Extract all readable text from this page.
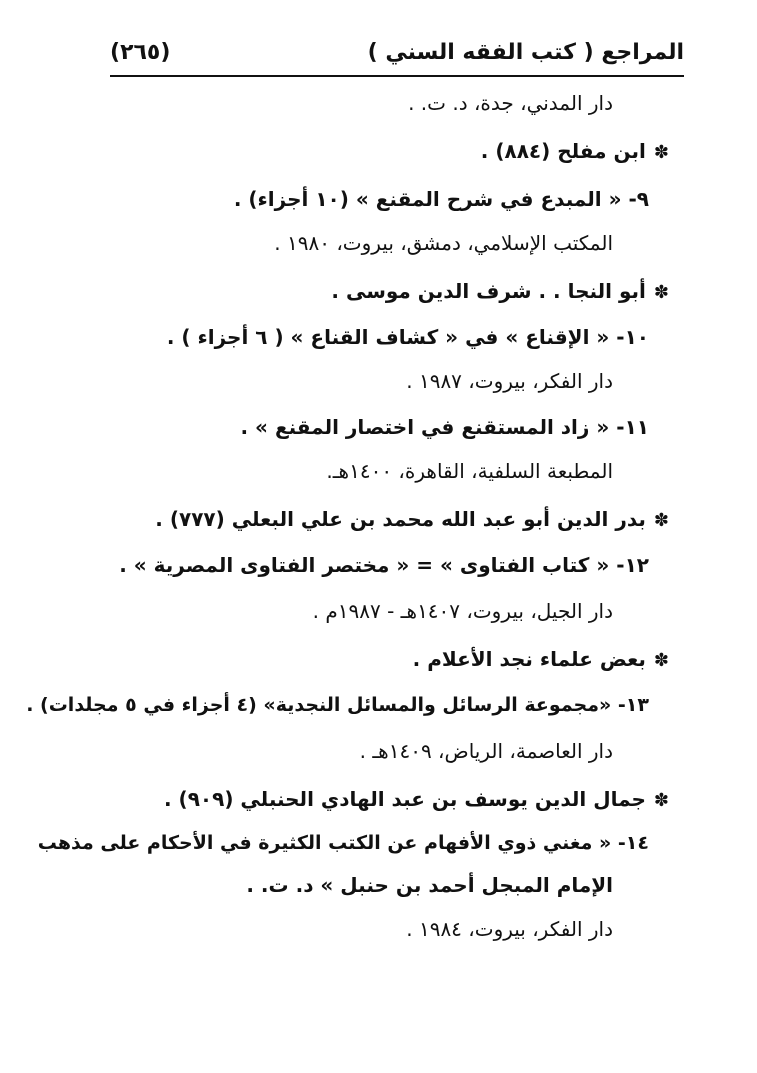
المراجع ( كتب الفقه السني )
(٢٦٥)
دار المدني، جدة، د. ت. .
✽ابن مفلح (٨٨٤) .
٩- « المبدع في شرح المقنع » (١٠ أجزاء) .
المكتب الإسلامي، دمشق، بيروت، ١٩٨٠ .
✽أبو النجا . . شرف الدين موسى .
١٠- « الإقناع » في « كشاف القناع » ( ٦ أجزاء ) .
دار الفكر، بيروت، ١٩٨٧ .
١١- « زاد المستقنع في اختصار المقنع » .
المطبعة السلفية، القاهرة، ١٤٠٠هـ.
✽بدر الدين أبو عبد الله محمد بن علي البعلي (٧٧٧) .
١٢- « كتاب الفتاوى » = « مختصر الفتاوى المصرية » .
دار الجيل، بيروت، ١٤٠٧هـ - ١٩٨٧م .
✽بعض علماء نجد الأعلام .
١٣- «مجموعة الرسائل والمسائل النجدية» (٤ أجزاء في ٥ مجلدات) .
دار العاصمة، الرياض، ١٤٠٩هـ .
✽جمال الدين يوسف بن عبد الهادي الحنبلي (٩٠٩) .
١٤- « مغني ذوي الأفهام عن الكتب الكثيرة في الأحكام على مذهب
الإمام المبجل أحمد بن حنبل » د. ت. .
دار الفكر، بيروت، ١٩٨٤ .
